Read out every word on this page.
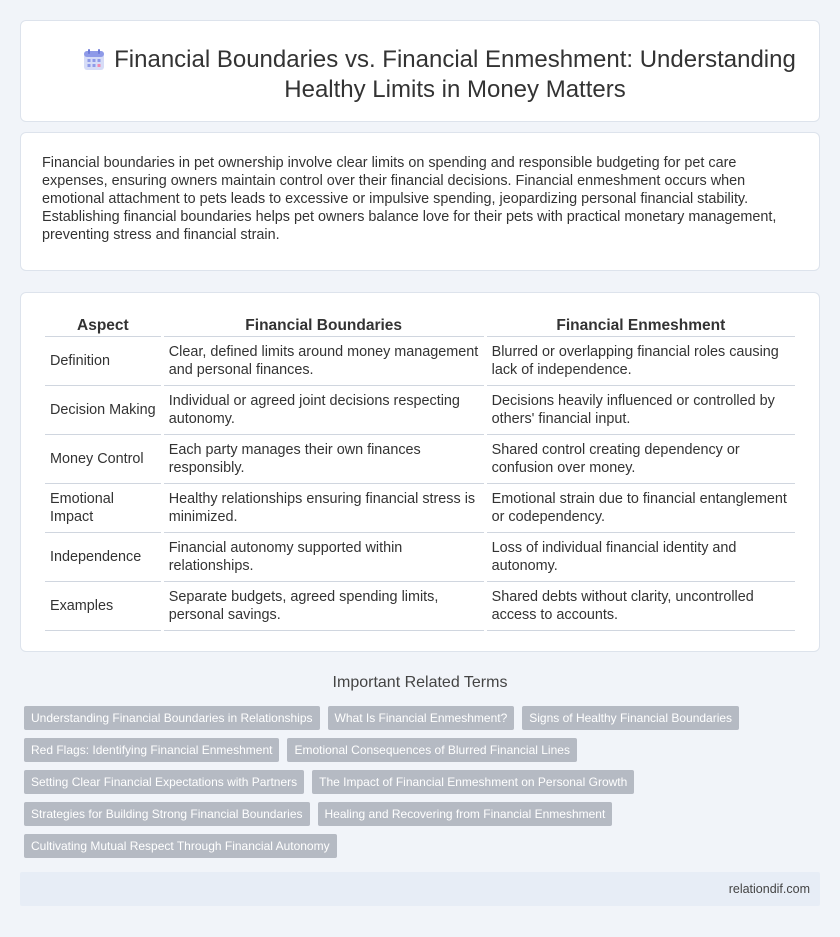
Financial Boundaries vs. Financial Enmeshment: Understanding Healthy Limits in Money Matters

Financial boundaries in pet ownership involve clear limits on spending and responsible budgeting for pet care expenses, ensuring owners maintain control over their financial decisions. Financial enmeshment occurs when emotional attachment to pets leads to excessive or impulsive spending, jeopardizing personal financial stability. Establishing financial boundaries helps pet owners balance love for their pets with practical monetary management, preventing stress and financial strain.

Aspect	Financial Boundaries	Financial Enmeshment
Definition	Clear, defined limits around money management and personal finances.	Blurred or overlapping financial roles causing lack of independence.
Decision Making	Individual or agreed joint decisions respecting autonomy.	Decisions heavily influenced or controlled by others' financial input.
Money Control	Each party manages their own finances responsibly.	Shared control creating dependency or confusion over money.
Emotional Impact	Healthy relationships ensuring financial stress is minimized.	Emotional strain due to financial entanglement or codependency.
Independence	Financial autonomy supported within relationships.	Loss of individual financial identity and autonomy.
Examples	Separate budgets, agreed spending limits, personal savings.	Shared debts without clarity, uncontrolled access to accounts.
Important Related Terms
Understanding Financial Boundaries in Relationships	What Is Financial Enmeshment?	Signs of Healthy Financial Boundaries
Red Flags: Identifying Financial Enmeshment	Emotional Consequences of Blurred Financial Lines
Setting Clear Financial Expectations with Partners	The Impact of Financial Enmeshment on Personal Growth
Strategies for Building Strong Financial Boundaries	Healing and Recovering from Financial Enmeshment
Cultivating Mutual Respect Through Financial Autonomy
relationdif.com
